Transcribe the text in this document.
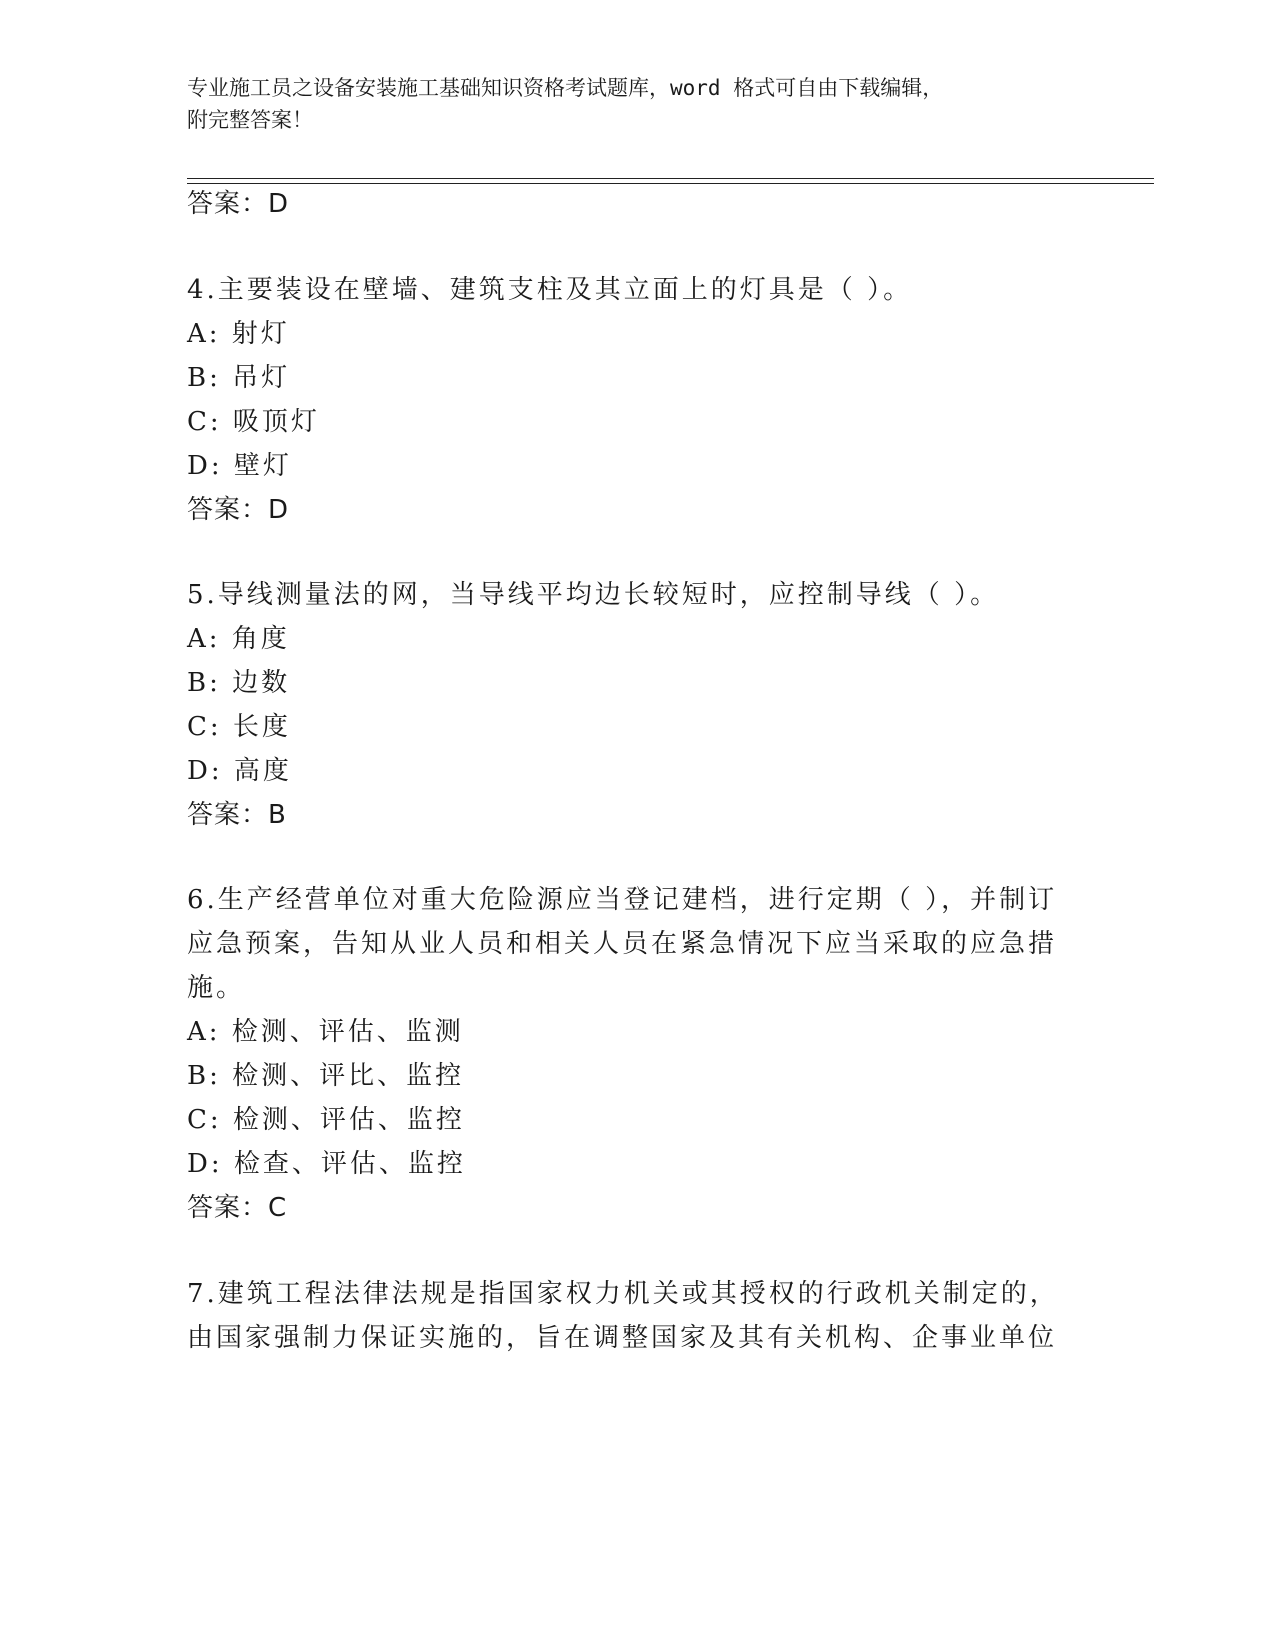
专业施工员之设备安装施工基础知识资格考试题库，word 格式可自由下载编辑，
附完整答案！
答案：D
4.主要装设在壁墙、建筑支柱及其立面上的灯具是（ ）。
A: 射灯
B: 吊灯
C: 吸顶灯
D: 壁灯
答案：D
5.导线测量法的网，当导线平均边长较短时，应控制导线（ ）。
A: 角度
B: 边数
C: 长度
D: 高度
答案：B
6.生产经营单位对重大危险源应当登记建档，进行定期（ ），并制订
应急预案，告知从业人员和相关人员在紧急情况下应当采取的应急措
施。
A: 检测、评估、监测
B: 检测、评比、监控
C: 检测、评估、监控
D: 检查、评估、监控
答案：C
7.建筑工程法律法规是指国家权力机关或其授权的行政机关制定的，
由国家强制力保证实施的，旨在调整国家及其有关机构、企事业单位
